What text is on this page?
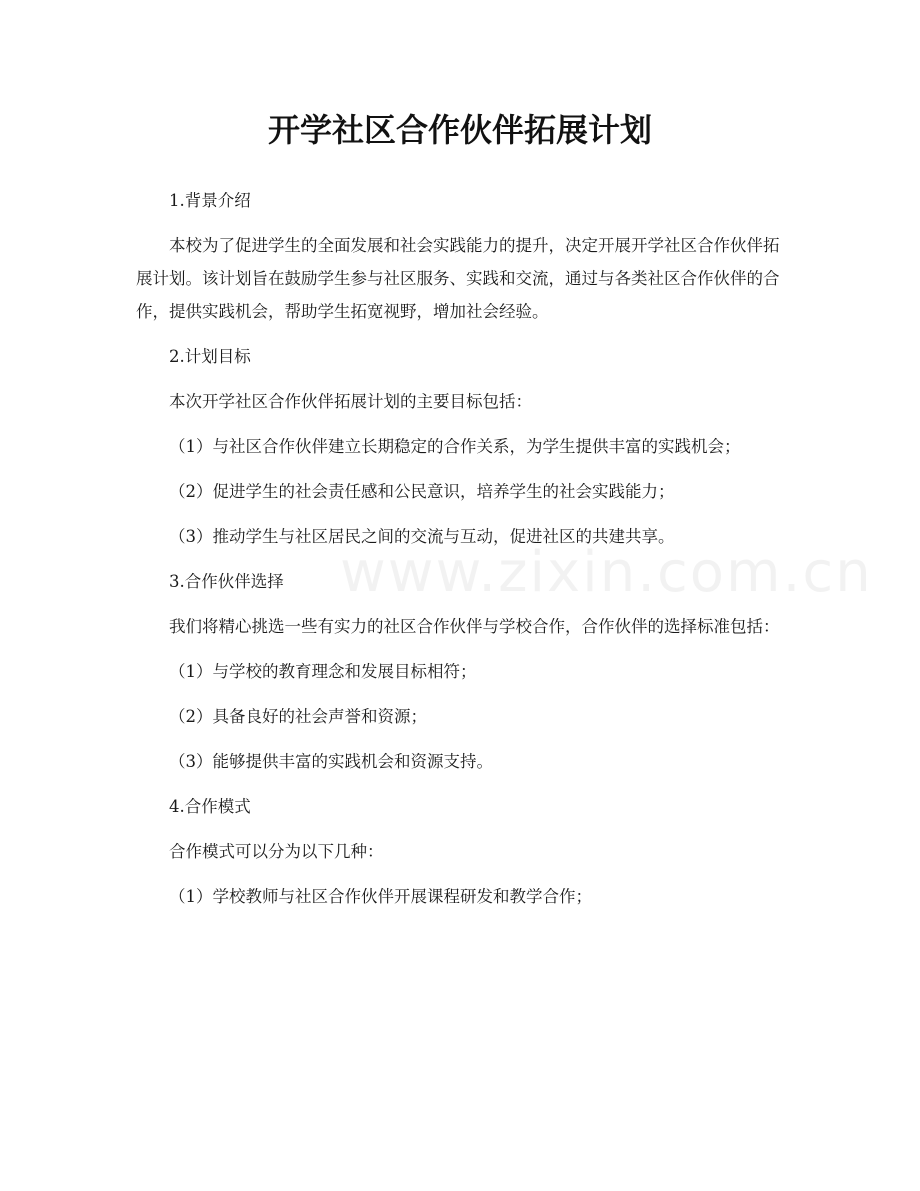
www.zixin.com.cn
开学社区合作伙伴拓展计划

1.背景介绍

本校为了促进学生的全面发展和社会实践能力的提升，决定开展开学社区合作伙伴拓展计划。该计划旨在鼓励学生参与社区服务、实践和交流，通过与各类社区合作伙伴的合作，提供实践机会，帮助学生拓宽视野，增加社会经验。

2.计划目标

本次开学社区合作伙伴拓展计划的主要目标包括：

（1）与社区合作伙伴建立长期稳定的合作关系，为学生提供丰富的实践机会；

（2）促进学生的社会责任感和公民意识，培养学生的社会实践能力；

（3）推动学生与社区居民之间的交流与互动，促进社区的共建共享。

3.合作伙伴选择

我们将精心挑选一些有实力的社区合作伙伴与学校合作，合作伙伴的选择标准包括：

（1）与学校的教育理念和发展目标相符；

（2）具备良好的社会声誉和资源；

（3）能够提供丰富的实践机会和资源支持。

4.合作模式

合作模式可以分为以下几种：

（1）学校教师与社区合作伙伴开展课程研发和教学合作；
